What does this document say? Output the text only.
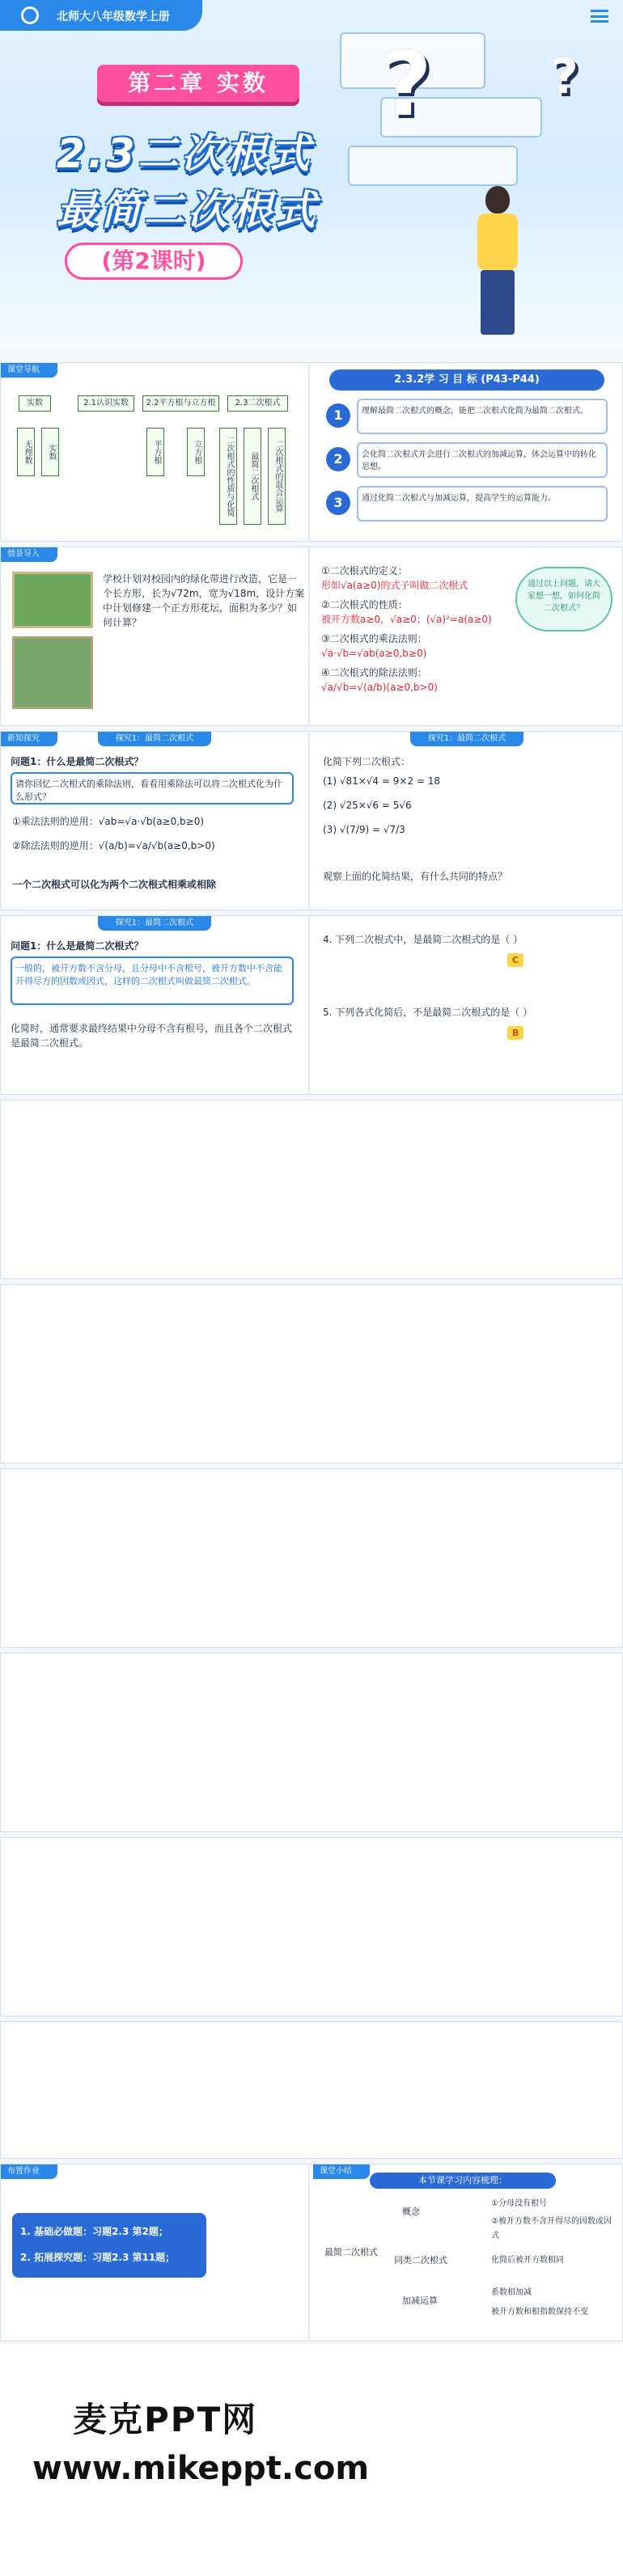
北师大八年级数学上册
? ?
第二章 实数
2.3二次根式
最简二次根式
(第2课时)
课堂导航
实数	2.1认识实数	2.2平方根与立方根	2.3二次根式
无理数	实数	平方根	立方根	二次根式的性质与化简	最简二次根式	二次根式的混合运算
2.3.2学 习 目 标 (P43-P44)
1	理解最简二次根式的概念，能把二次根式化简为最简二次根式。
2	会化简二次根式并会进行二次根式的加减运算，体会运算中的转化思想。
3	通过化简二次根式与加减运算，提高学生的运算能力。
情景导入
学校计划对校园内的绿化带进行改造，它是一个长方形，长为√72m，宽为√18m，设计方案中计划修建一个正方形花坛，面积为多少？如何计算？
①二次根式的定义：
形如√a(a≥0)的式子叫做二次根式
②二次根式的性质：
被开方数a≥0，√a≥0；(√a)²=a(a≥0)
③二次根式的乘法法则：
√a·√b=√ab(a≥0,b≥0)
④二次根式的除法法则：
√a/√b=√(a/b)(a≥0,b>0)
通过以上问题，请大家想一想，如何化简二次根式？
新知探究	探究1：最简二次根式
问题1：什么是最简二次根式？
请你回忆二次根式的乘除法则，看看用乘除法可以将二次根式化为什么形式？
①乘法法则的逆用：√ab=√a·√b(a≥0,b≥0)
②除法法则的逆用：√(a/b)=√a/√b(a≥0,b>0)
一个二次根式可以化为两个二次根式相乘或相除
探究1：最简二次根式
化简下列二次根式：
(1) √81×√4 = 9×2 = 18
(2) √25×√6 = 5√6
(3) √(7/9) = √7/3
观察上面的化简结果，有什么共同的特点？
探究1：最简二次根式
问题1：什么是最简二次根式？
一般的，被开方数不含分母，且分母中不含根号，被开方数中不含能开得尽方的因数或因式，这样的二次根式叫做最简二次根式。
化简时，通常要求最终结果中分母不含有根号，而且各个二次根式是最简二次根式。
4. 下列二次根式中，是最简二次根式的是（ ）
C
5. 下列各式化简后，不是最简二次根式的是（ ）
B
布置作业
1. 基础必做题：习题2.3 第2题；
2. 拓展探究题：习题2.3 第11题；
课堂小结
本节课学习内容梳理：
最简二次根式
概念
同类二次根式
加减运算
①分母没有根号
②被开方数不含开得尽的因数或因式
化简后被开方数相同
系数相加减
被开方数和根指数保持不变
麦克PPT网
www.mikeppt.com
